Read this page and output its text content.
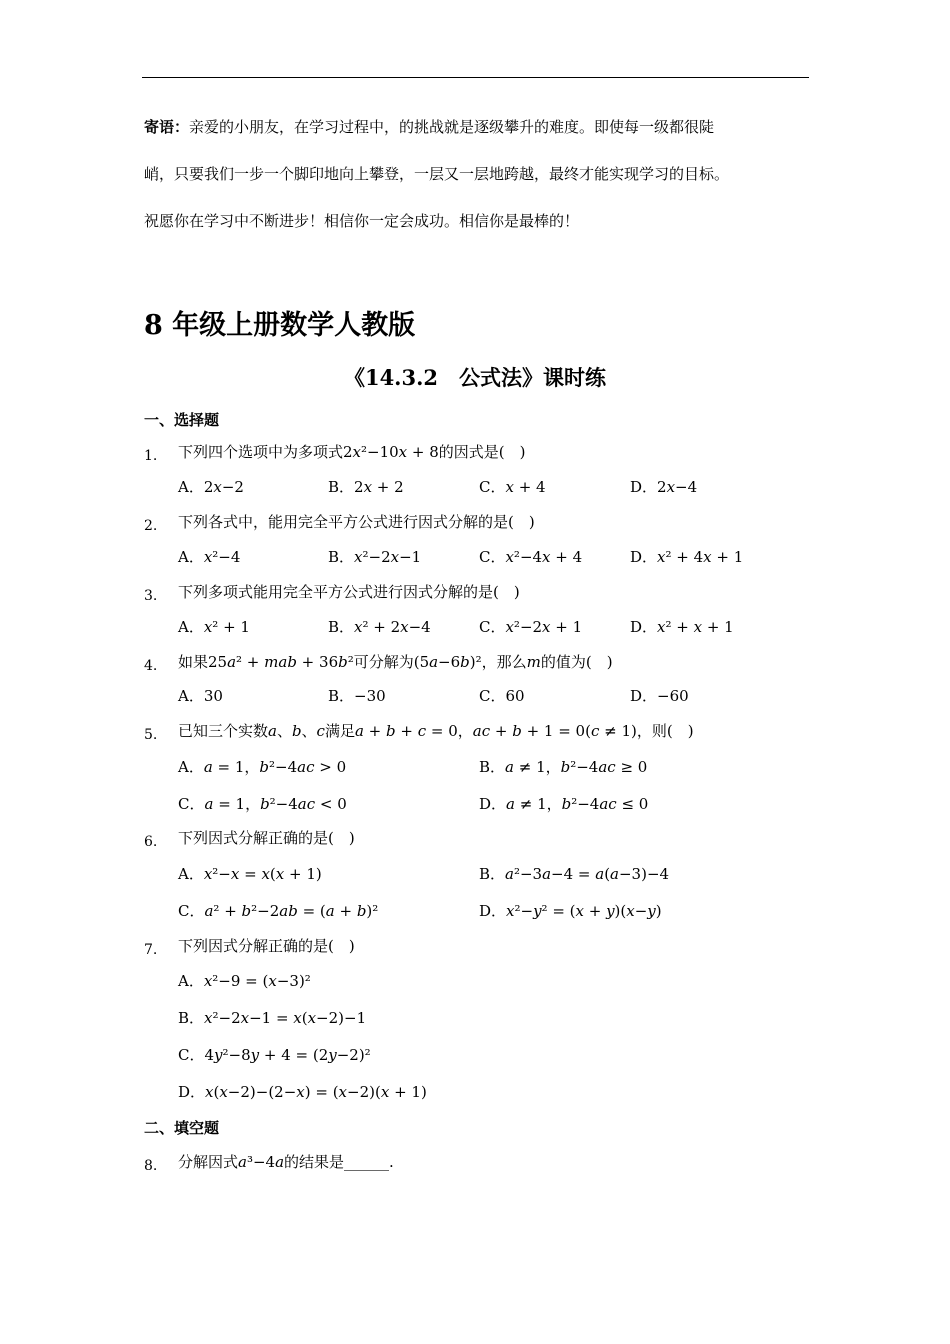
寄语：亲爱的小朋友，在学习过程中，的挑战就是逐级攀升的难度。即使每一级都很陡
峭，只要我们一步一个脚印地向上攀登，一层又一层地跨越，最终才能实现学习的目标。
祝愿你在学习中不断进步！相信你一定会成功。相信你是最棒的！
8 年级上册数学人教版
《14.3.2　公式法》课时练
一、选择题
1. 下列四个选项中为多项式2𝑥²−10𝑥 + 8的因式是(　)
A．2𝑥−2	B．2𝑥 + 2	C．𝑥 + 4	D．2𝑥−4
2. 下列各式中，能用完全平方公式进行因式分解的是(　)
A．𝑥²−4	B．𝑥²−2𝑥−1	C．𝑥²−4𝑥 + 4	D．𝑥² + 4𝑥 + 1
3. 下列多项式能用完全平方公式进行因式分解的是(　)
A．𝑥² + 1	B．𝑥² + 2𝑥−4	C．𝑥²−2𝑥 + 1	D．𝑥² + 𝑥 + 1
4. 如果25𝑎² + 𝑚𝑎𝑏 + 36𝑏²可分解为(5𝑎−6𝑏)²，那么𝑚的值为(　)
A．30	B．−30	C．60	D．−60
5. 已知三个实数𝑎、𝑏、𝑐满足𝑎 + 𝑏 + 𝑐 = 0，𝑎𝑐 + 𝑏 + 1 = 0(𝑐 ≠ 1)，则(　)
A．𝑎 = 1，𝑏²−4𝑎𝑐 > 0	B．𝑎 ≠ 1，𝑏²−4𝑎𝑐 ≥ 0
C．𝑎 = 1，𝑏²−4𝑎𝑐 < 0	D．𝑎 ≠ 1，𝑏²−4𝑎𝑐 ≤ 0
6. 下列因式分解正确的是(　)
A．𝑥²−𝑥 = 𝑥(𝑥 + 1)	B．𝑎²−3𝑎−4 = 𝑎(𝑎−3)−4
C．𝑎² + 𝑏²−2𝑎𝑏 = (𝑎 + 𝑏)²	D．𝑥²−𝑦² = (𝑥 + 𝑦)(𝑥−𝑦)
7. 下列因式分解正确的是(　)
A．𝑥²−9 = (𝑥−3)²
B．𝑥²−2𝑥−1 = 𝑥(𝑥−2)−1
C．4𝑦²−8𝑦 + 4 = (2𝑦−2)²
D．𝑥(𝑥−2)−(2−𝑥) = (𝑥−2)(𝑥 + 1)
二、填空题
8. 分解因式𝑎³−4𝑎的结果是______.
